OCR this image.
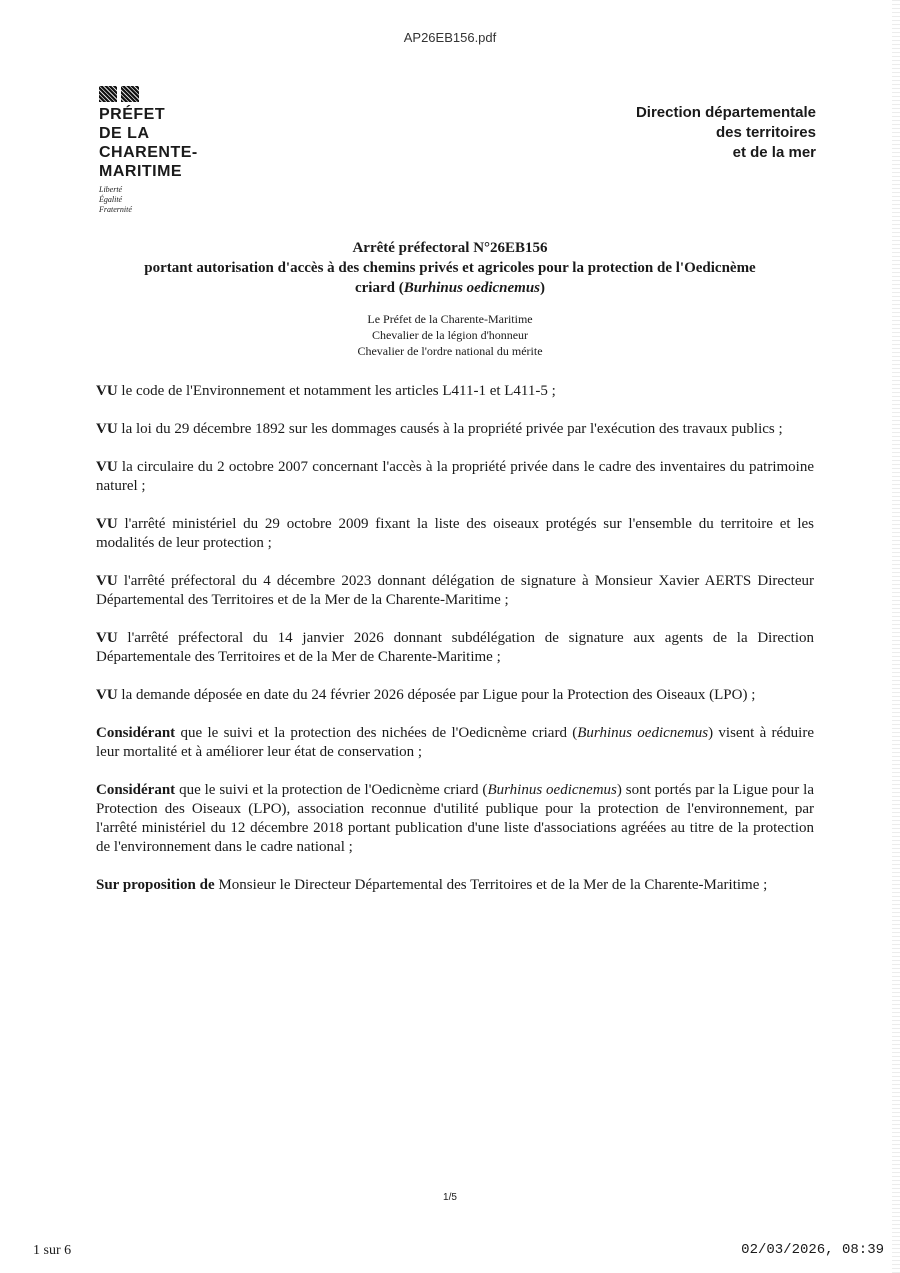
AP26EB156.pdf
PRÉFET
DE LA
CHARENTE-
MARITIME
Liberté
Égalité
Fraternité
Direction départementale
des territoires
et de la mer
Arrêté préfectoral N°26EB156
portant autorisation d'accès à des chemins privés et agricoles pour la protection de l'Oedicnème
criard (Burhinus oedicnemus)
Le Préfet de la Charente-Maritime
Chevalier de la légion d'honneur
Chevalier de l'ordre national du mérite

VU le code de l'Environnement et notamment les articles L411-1 et L411-5 ;

VU la loi du 29 décembre 1892 sur les dommages causés à la propriété privée par l'exécution des travaux publics ;

VU la circulaire du 2 octobre 2007 concernant l'accès à la propriété privée dans le cadre des inventaires du patrimoine naturel ;

VU l'arrêté ministériel du 29 octobre 2009 fixant la liste des oiseaux protégés sur l'ensemble du territoire et les modalités de leur protection ;

VU l'arrêté préfectoral du 4 décembre 2023 donnant délégation de signature à Monsieur Xavier AERTS Directeur Départemental des Territoires et de la Mer de la Charente-Maritime ;

VU l'arrêté préfectoral du 14 janvier 2026 donnant subdélégation de signature aux agents de la Direction Départementale des Territoires et de la Mer de Charente-Maritime ;

VU la demande déposée en date du 24 février 2026 déposée par Ligue pour la Protection des Oiseaux (LPO) ;

Considérant que le suivi et la protection des nichées de l'Oedicnème criard (Burhinus oedicnemus) visent à réduire leur mortalité et à améliorer leur état de conservation ;

Considérant que le suivi et la protection de l'Oedicnème criard (Burhinus oedicnemus) sont portés par la Ligue pour la Protection des Oiseaux (LPO), association reconnue d'utilité publique pour la protection de l'environnement, par l'arrêté ministériel du 12 décembre 2018 portant publication d'une liste d'associations agréées au titre de la protection de l'environnement dans le cadre national ;

Sur proposition de Monsieur le Directeur Départemental des Territoires et de la Mer de la Charente-Maritime ;

1/5
1 sur 6	02/03/2026, 08:39
